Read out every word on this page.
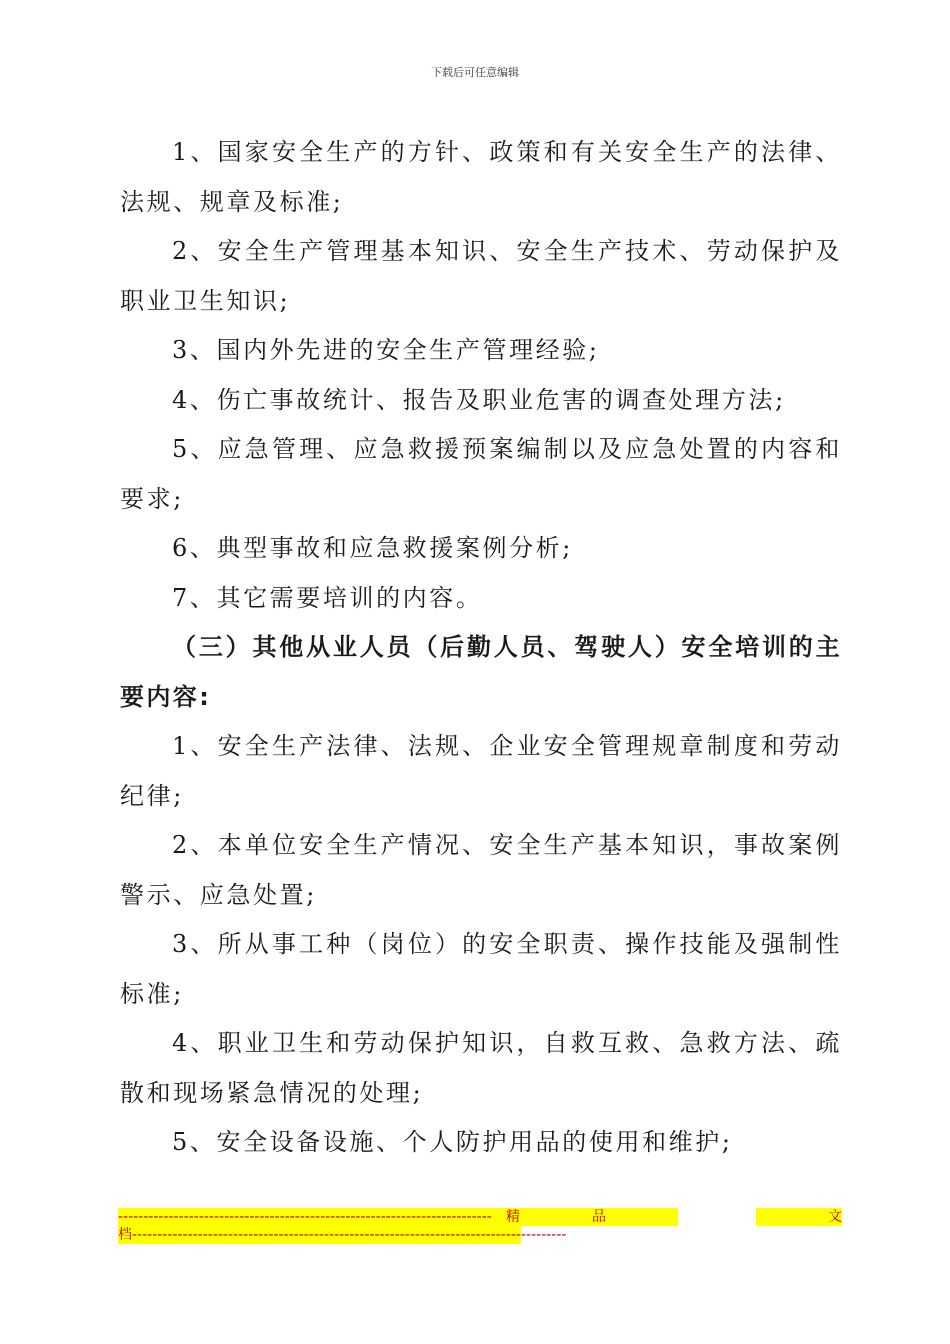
下载后可任意编辑

1、国家安全生产的方针、政策和有关安全生产的法律、法规、规章及标准;

2、安全生产管理基本知识、安全生产技术、劳动保护及职业卫生知识;

3、国内外先进的安全生产管理经验;

4、伤亡事故统计、报告及职业危害的调查处理方法;

5、应急管理、应急救援预案编制以及应急处置的内容和要求;

6、典型事故和应急救援案例分析;

7、其它需要培训的内容。

（三）其他从业人员（后勤人员、驾驶人）安全培训的主要内容:

1、安全生产法律、法规、企业安全管理规章制度和劳动纪律;

2、本单位安全生产情况、安全生产基本知识，事故案例警示、应急处置;

3、所从事工种（岗位）的安全职责、操作技能及强制性标准;

4、职业卫生和劳动保护知识，自救互救、急救方法、疏散和现场紧急情况的处理;

5、安全设备设施、个人防护用品的使用和维护;

-------------------------------------------------------------------------- 精	品	文
档--------------------------------------------------------------------------------------
